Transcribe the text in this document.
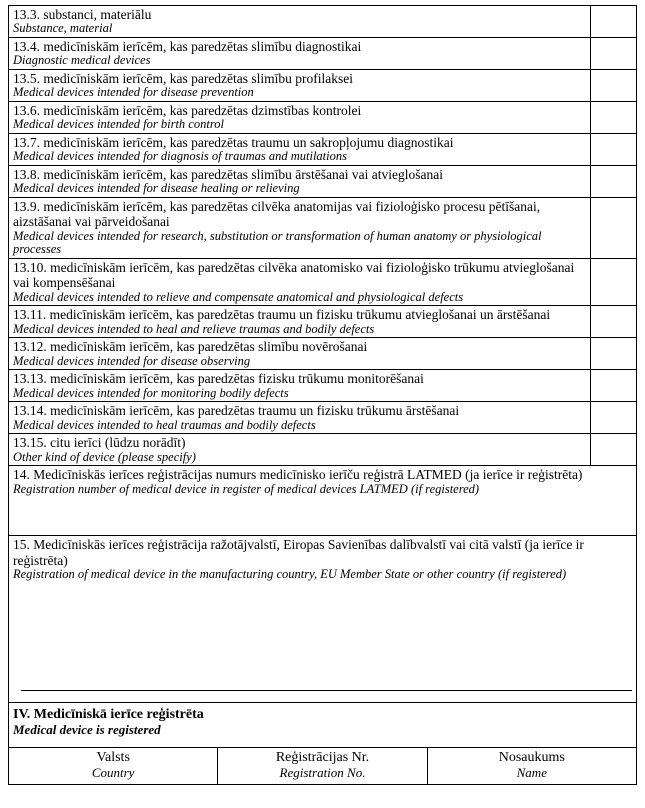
13.3. substanci, materiālu
Substance, material
13.4. medicīniskām ierīcēm, kas paredzētas slimību diagnostikai
Diagnostic medical devices
13.5. medicīniskām ierīcēm, kas paredzētas slimību profilaksei
Medical devices intended for disease prevention
13.6. medicīniskām ierīcēm, kas paredzētas dzimstības kontrolei
Medical devices intended for birth control
13.7. medicīniskām ierīcēm, kas paredzētas traumu un sakropļojumu diagnostikai
Medical devices intended for diagnosis of traumas and mutilations
13.8. medicīniskām ierīcēm, kas paredzētas slimību ārstēšanai vai atvieglošanai
Medical devices intended for disease healing or relieving
13.9. medicīniskām ierīcēm, kas paredzētas cilvēka anatomijas vai fizioloģisko procesu pētīšanai, aizstāšanai vai pārveidošanai
Medical devices intended for research, substitution or transformation of human anatomy or physiological processes
13.10. medicīniskām ierīcēm, kas paredzētas cilvēka anatomisko vai fizioloģisko trūkumu atvieglošanai vai kompensēšanai
Medical devices intended to relieve and compensate anatomical and physiological defects
13.11. medicīniskām ierīcēm, kas paredzētas traumu un fizisku trūkumu atvieglošanai un ārstēšanai
Medical devices intended to heal and relieve traumas and bodily defects
13.12. medicīniskām ierīcēm, kas paredzētas slimību novērošanai
Medical devices intended for disease observing
13.13. medicīniskām ierīcēm, kas paredzētas fizisku trūkumu monitorēšanai
Medical devices intended for monitoring bodily defects
13.14. medicīniskām ierīcēm, kas paredzētas traumu un fizisku trūkumu ārstēšanai
Medical devices intended to heal traumas and bodily defects
13.15. citu ierīci (lūdzu norādīt)
Other kind of device (please specify)
14. Medicīniskās ierīces reģistrācijas numurs medicīnisko ierīču reģistrā LATMED (ja ierīce ir reģistrēta)
Registration number of medical device in register of medical devices LATMED (if registered)
15. Medicīniskās ierīces reģistrācija ražotājvalstī, Eiropas Savienības dalībvalstī vai citā valstī (ja ierīce ir reģistrēta)
Registration of medical device in the manufacturing country, EU Member State or other country (if registered)
IV. Medicīniskā ierīce reģistrēta
Medical device is registered
Valsts
Country
Reģistrācijas Nr.
Registration No.
Nosaukums
Name
